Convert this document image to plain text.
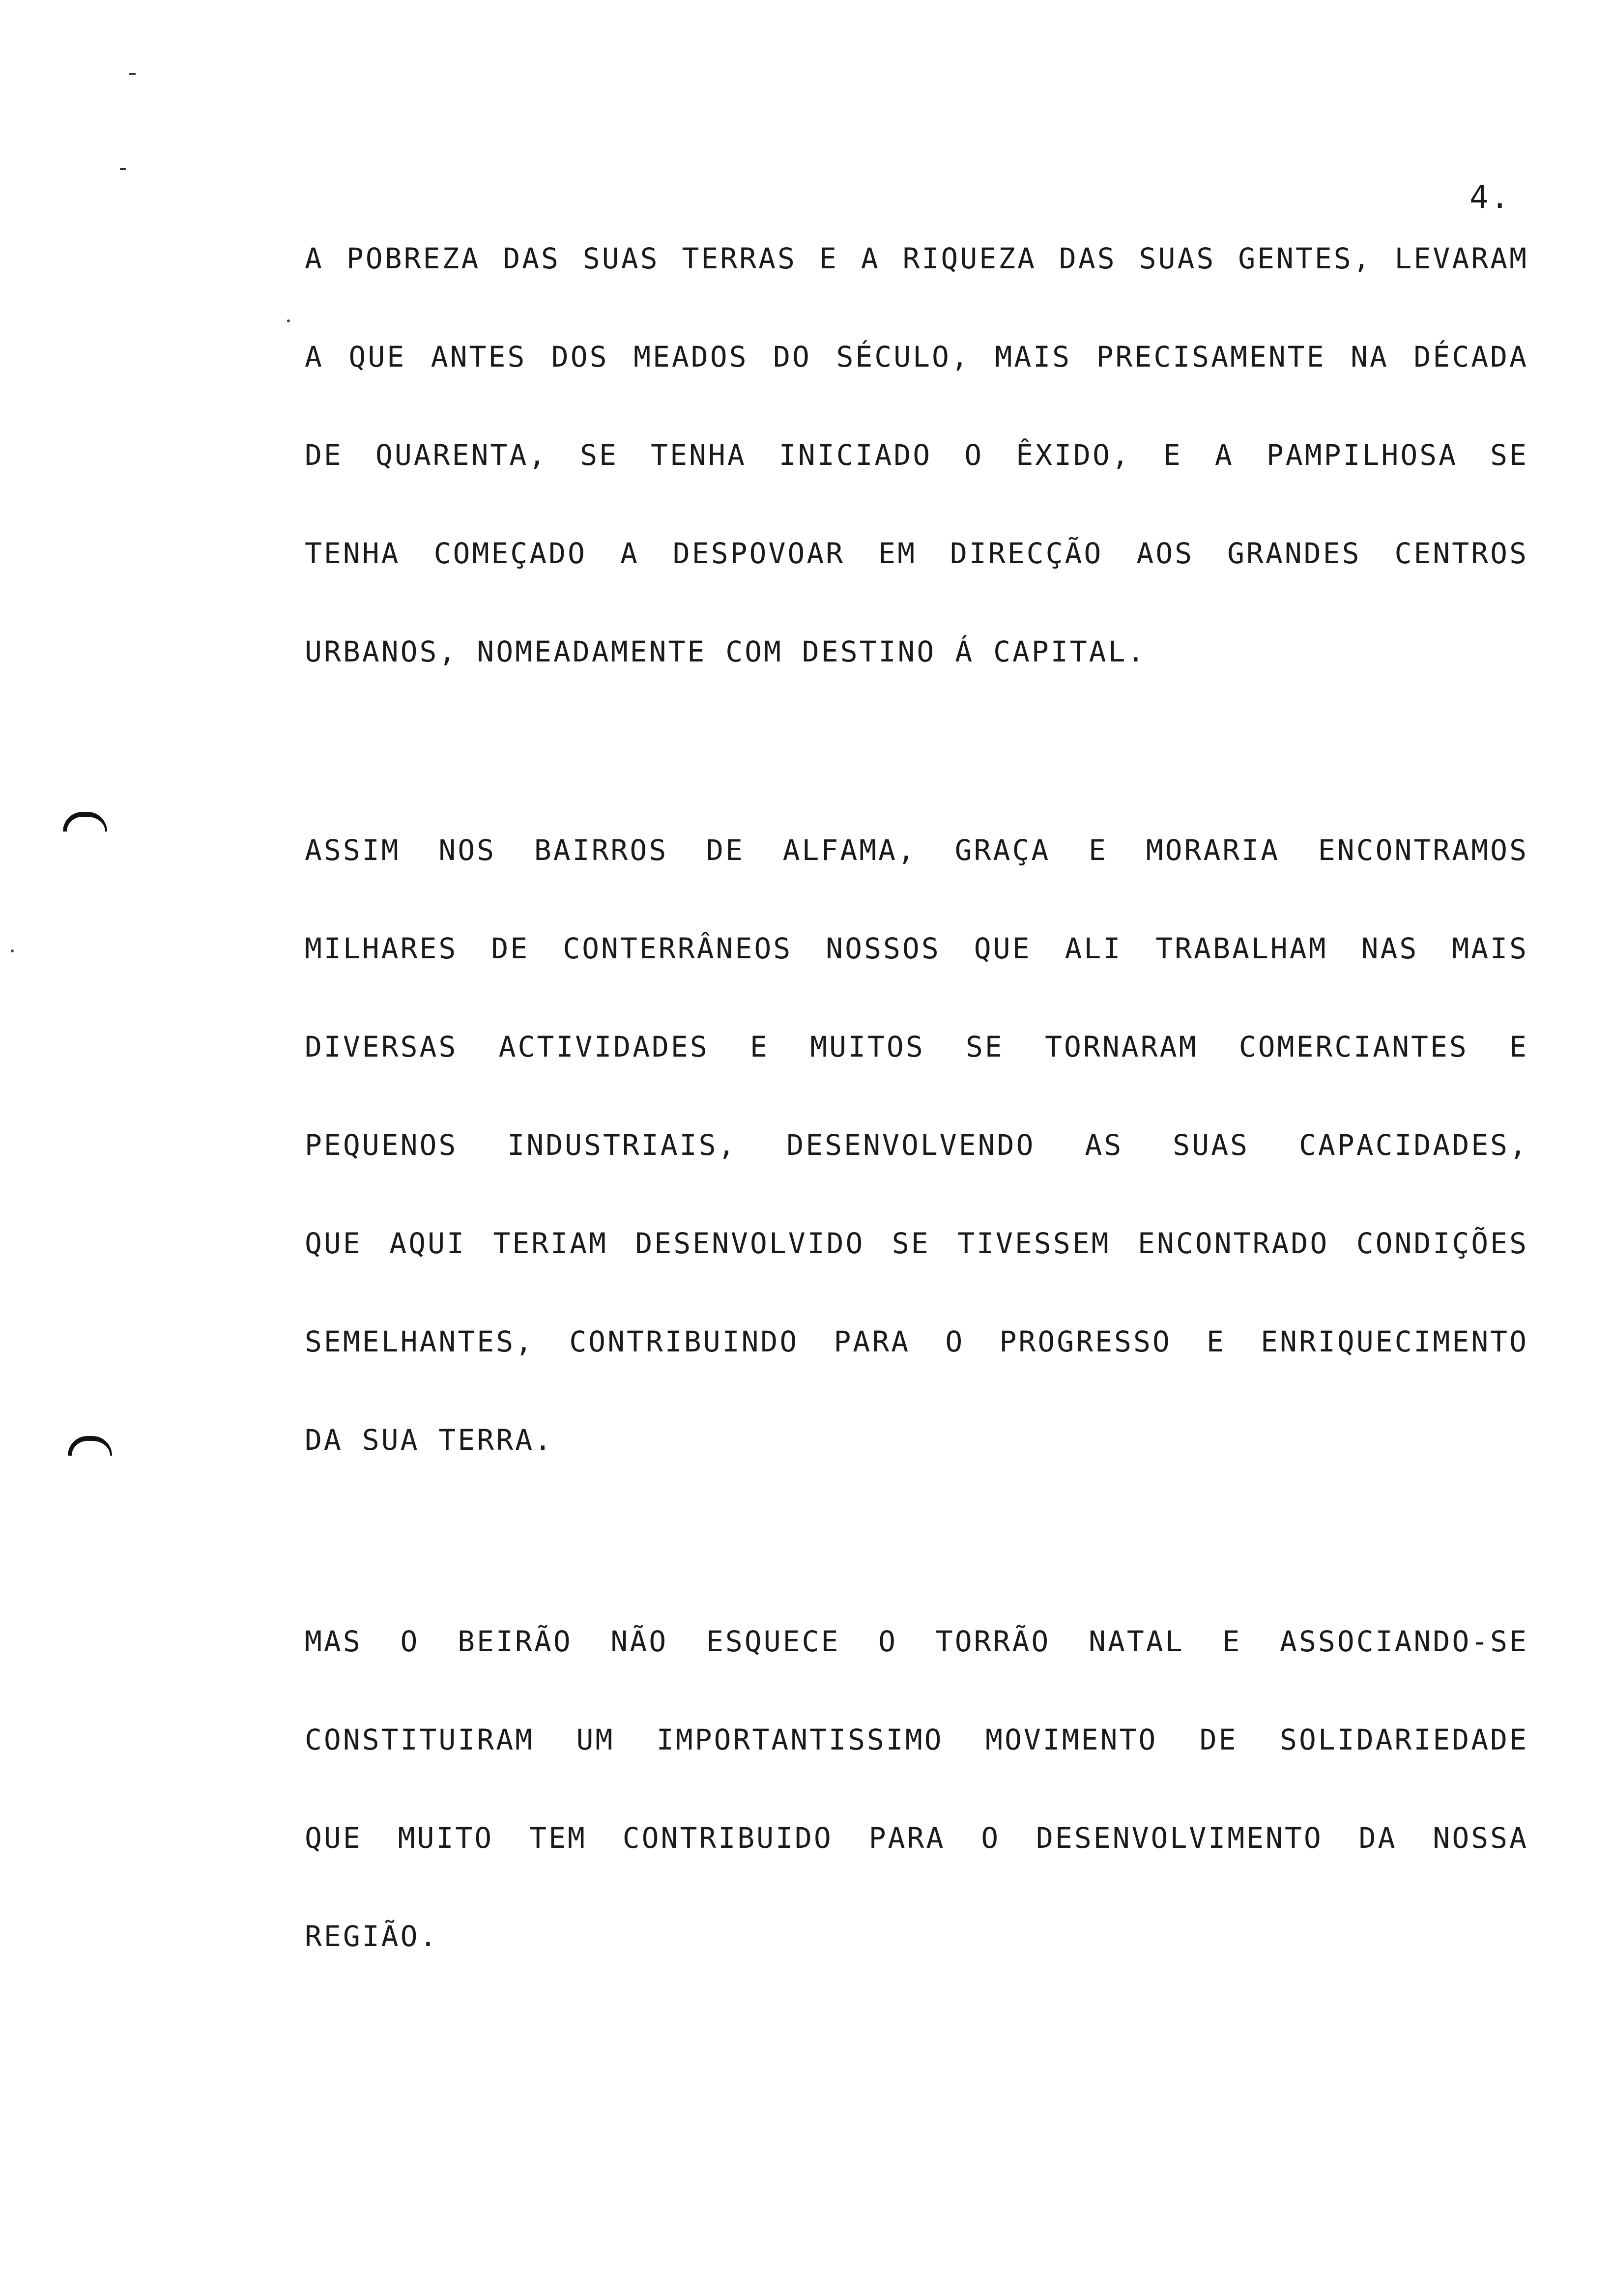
4.
A POBREZA DAS SUAS TERRAS E A RIQUEZA DAS SUAS GENTES, LEVARAM
A QUE ANTES DOS MEADOS DO SÉCULO, MAIS PRECISAMENTE NA DÉCADA
DE QUARENTA, SE TENHA INICIADO O ÊXIDO, E A PAMPILHOSA SE
TENHA COMEÇADO A DESPOVOAR EM DIRECÇÃO AOS GRANDES CENTROS
URBANOS, NOMEADAMENTE COM DESTINO Á CAPITAL.
ASSIM NOS BAIRROS DE ALFAMA, GRAÇA E MORARIA ENCONTRAMOS
MILHARES DE CONTERRÂNEOS NOSSOS QUE ALI TRABALHAM NAS MAIS
DIVERSAS ACTIVIDADES E MUITOS SE TORNARAM COMERCIANTES E
PEQUENOS INDUSTRIAIS, DESENVOLVENDO AS SUAS CAPACIDADES,
QUE AQUI TERIAM DESENVOLVIDO SE TIVESSEM ENCONTRADO CONDIÇÕES
SEMELHANTES, CONTRIBUINDO PARA O PROGRESSO E ENRIQUECIMENTO
DA SUA TERRA.
MAS O BEIRÃO NÃO ESQUECE O TORRÃO NATAL E ASSOCIANDO-SE
CONSTITUIRAM UM IMPORTANTISSIMO MOVIMENTO DE SOLIDARIEDADE
QUE MUITO TEM CONTRIBUIDO PARA O DESENVOLVIMENTO DA NOSSA
REGIÃO.
